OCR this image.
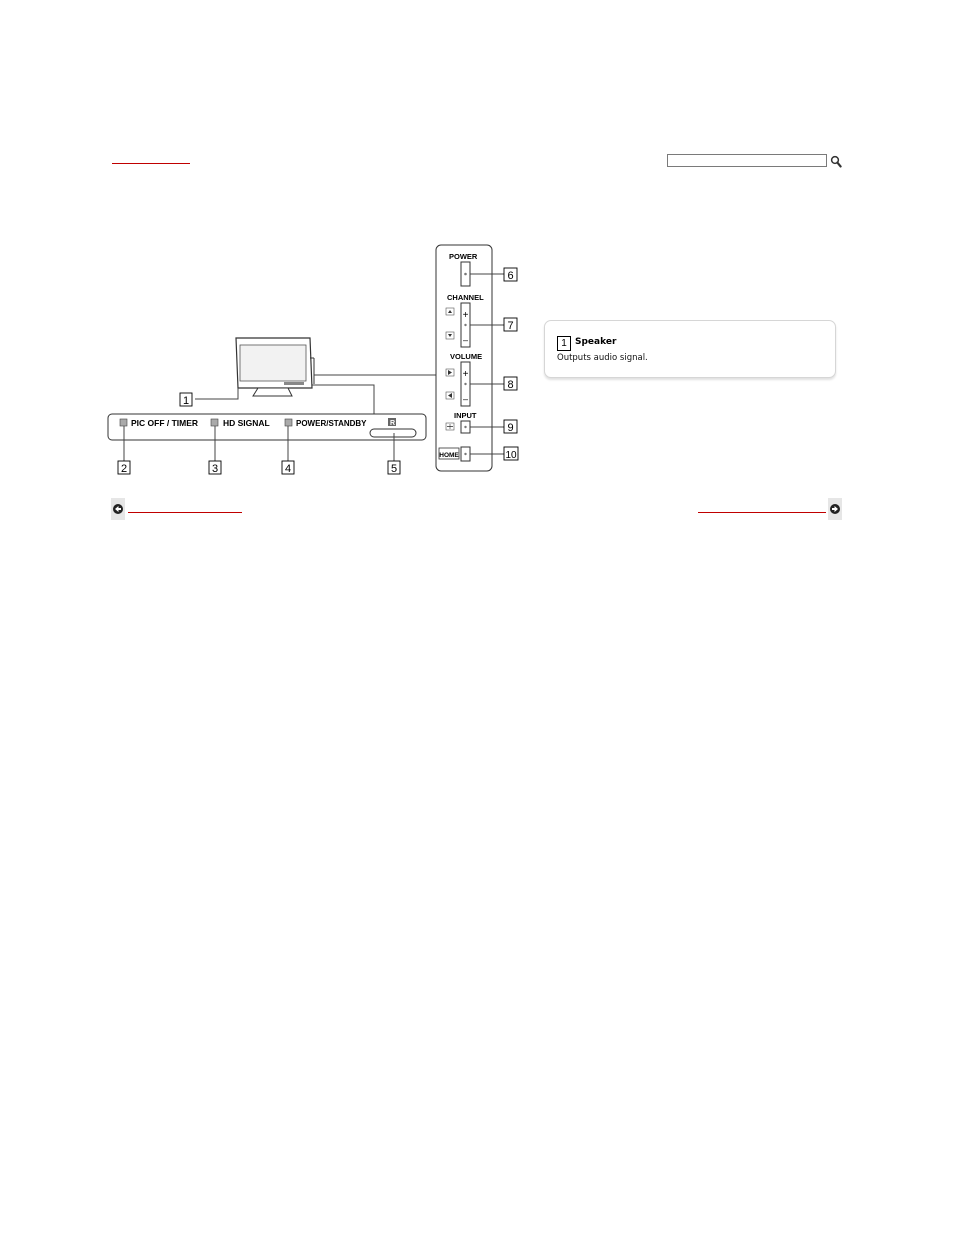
PIC OFF / TIMER	HD SIGNAL	POWER/STANDBY	R
1
2	3	4	5
POWER
CHANNEL
+
–
VOLUME
+
–
INPUT
HOME
6
7
8
9
10
1 Speaker
Outputs audio signal.
